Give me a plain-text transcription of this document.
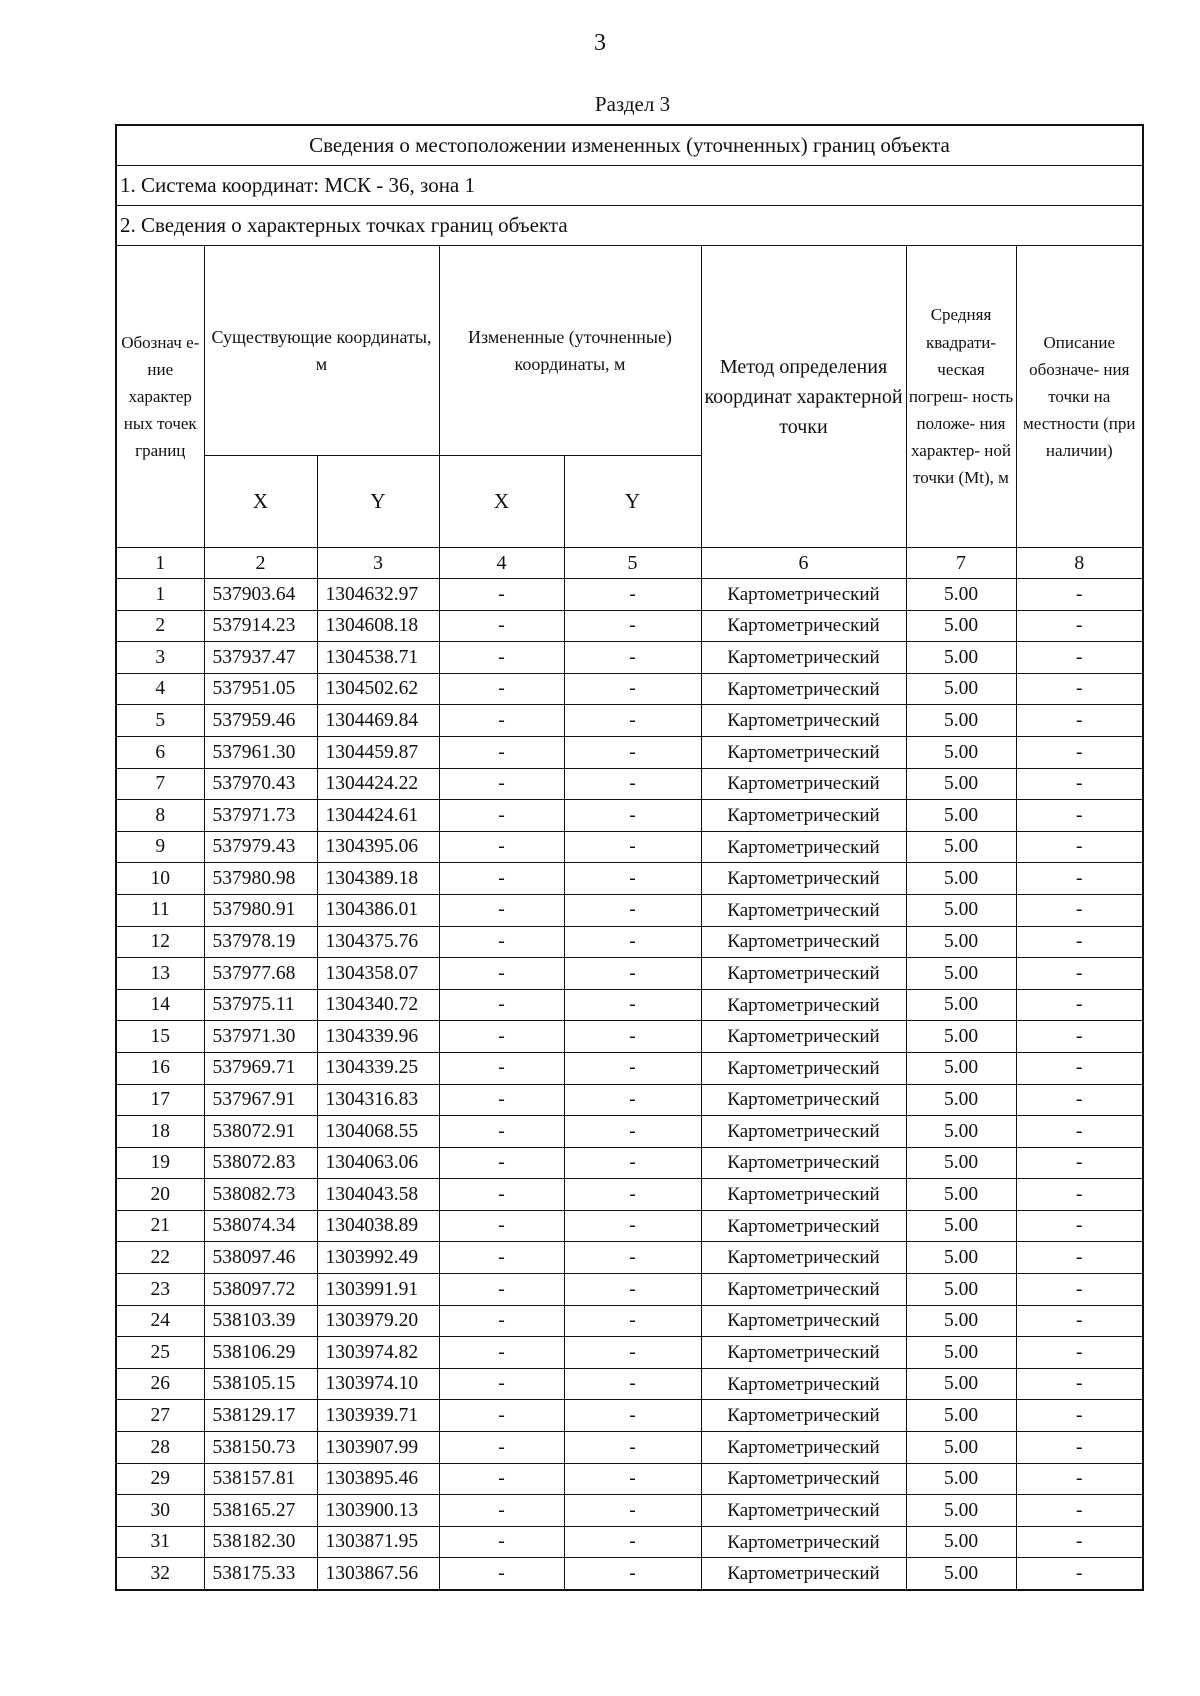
3
Раздел 3
Сведения о местоположении измененных (уточненных) границ объекта							
1. Система координат: МСК - 36, зона 1							
2. Сведения о характерных точках границ объекта							
Обознач е-ние характер ных точек границ	Существующие координаты, м		Измененные (уточненные) координаты, м		Метод определения координат характерной точки	Средняя квадрати- ческая погреш- ность положе- ния характер- ной точки (Mt), м	Описание обозначе- ния точки на местности (при наличии)
	X	Y	X	Y			
1	2	3	4	5	6	7	8
1	537903.64	1304632.97	-	-	Картометрический	5.00	-
2	537914.23	1304608.18	-	-	Картометрический	5.00	-
3	537937.47	1304538.71	-	-	Картометрический	5.00	-
4	537951.05	1304502.62	-	-	Картометрический	5.00	-
5	537959.46	1304469.84	-	-	Картометрический	5.00	-
6	537961.30	1304459.87	-	-	Картометрический	5.00	-
7	537970.43	1304424.22	-	-	Картометрический	5.00	-
8	537971.73	1304424.61	-	-	Картометрический	5.00	-
9	537979.43	1304395.06	-	-	Картометрический	5.00	-
10	537980.98	1304389.18	-	-	Картометрический	5.00	-
11	537980.91	1304386.01	-	-	Картометрический	5.00	-
12	537978.19	1304375.76	-	-	Картометрический	5.00	-
13	537977.68	1304358.07	-	-	Картометрический	5.00	-
14	537975.11	1304340.72	-	-	Картометрический	5.00	-
15	537971.30	1304339.96	-	-	Картометрический	5.00	-
16	537969.71	1304339.25	-	-	Картометрический	5.00	-
17	537967.91	1304316.83	-	-	Картометрический	5.00	-
18	538072.91	1304068.55	-	-	Картометрический	5.00	-
19	538072.83	1304063.06	-	-	Картометрический	5.00	-
20	538082.73	1304043.58	-	-	Картометрический	5.00	-
21	538074.34	1304038.89	-	-	Картометрический	5.00	-
22	538097.46	1303992.49	-	-	Картометрический	5.00	-
23	538097.72	1303991.91	-	-	Картометрический	5.00	-
24	538103.39	1303979.20	-	-	Картометрический	5.00	-
25	538106.29	1303974.82	-	-	Картометрический	5.00	-
26	538105.15	1303974.10	-	-	Картометрический	5.00	-
27	538129.17	1303939.71	-	-	Картометрический	5.00	-
28	538150.73	1303907.99	-	-	Картометрический	5.00	-
29	538157.81	1303895.46	-	-	Картометрический	5.00	-
30	538165.27	1303900.13	-	-	Картометрический	5.00	-
31	538182.30	1303871.95	-	-	Картометрический	5.00	-
32	538175.33	1303867.56	-	-	Картометрический	5.00	-
